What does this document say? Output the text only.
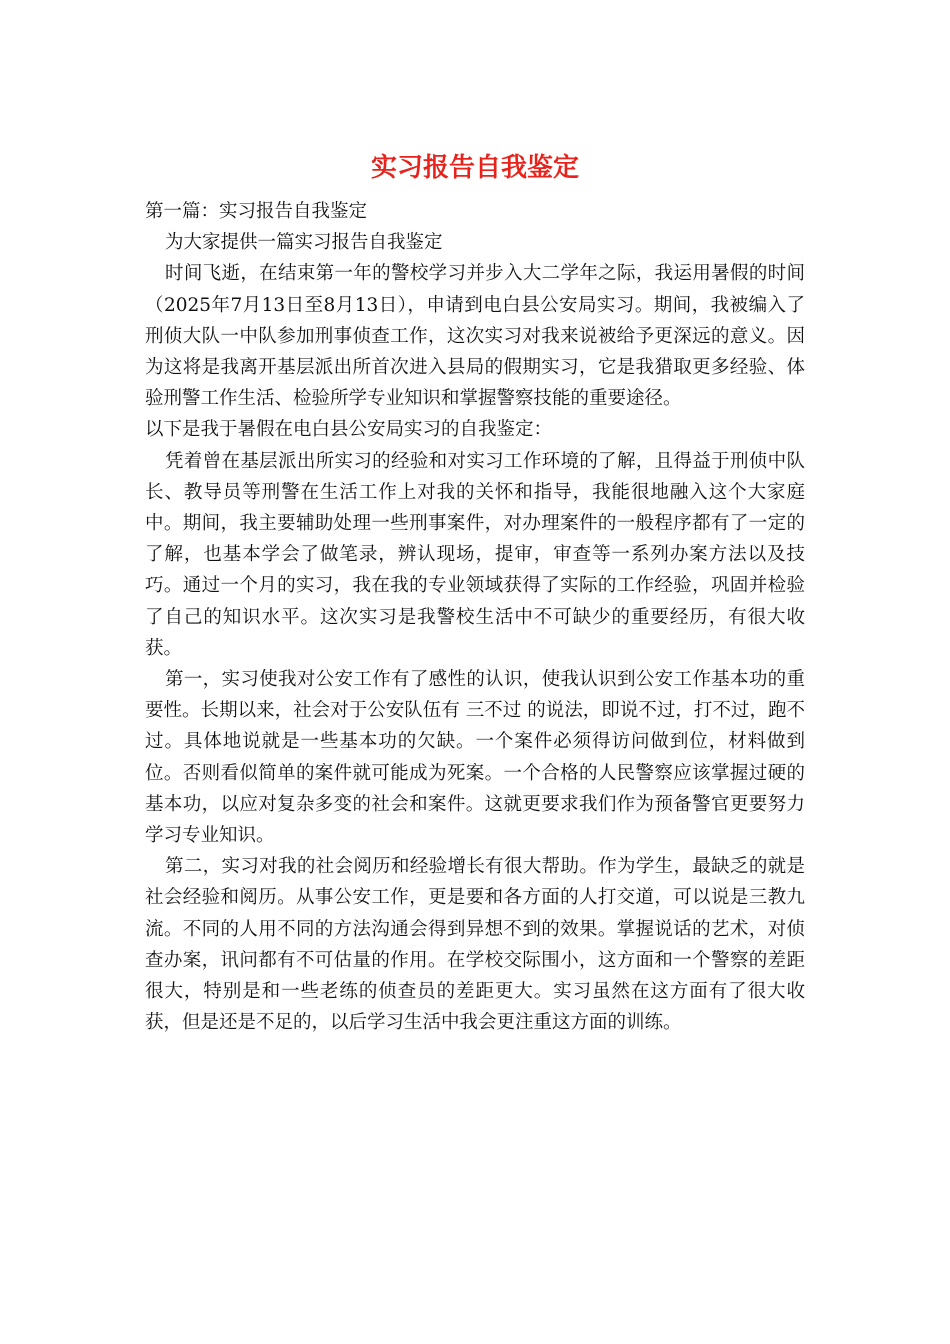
实习报告自我鉴定

第一篇：实习报告自我鉴定

为大家提供一篇实习报告自我鉴定

时间飞逝，在结束第一年的警校学习并步入大二学年之际，我运用暑假的时间（2025年7月13日至8月13日），申请到电白县公安局实习。期间，我被编入了刑侦大队一中队参加刑事侦查工作，这次实习对我来说被给予更深远的意义。因为这将是我离开基层派出所首次进入县局的假期实习，它是我猎取更多经验、体验刑警工作生活、检验所学专业知识和掌握警察技能的重要途径。

以下是我于暑假在电白县公安局实习的自我鉴定：

凭着曾在基层派出所实习的经验和对实习工作环境的了解，且得益于刑侦中队长、教导员等刑警在生活工作上对我的关怀和指导，我能很地融入这个大家庭中。期间，我主要辅助处理一些刑事案件，对办理案件的一般程序都有了一定的了解，也基本学会了做笔录，辨认现场，提审，审查等一系列办案方法以及技巧。通过一个月的实习，我在我的专业领域获得了实际的工作经验，巩固并检验了自己的知识水平。这次实习是我警校生活中不可缺少的重要经历，有很大收获。

第一，实习使我对公安工作有了感性的认识，使我认识到公安工作基本功的重要性。长期以来，社会对于公安队伍有 三不过 的说法，即说不过，打不过，跑不过。具体地说就是一些基本功的欠缺。一个案件必须得访问做到位，材料做到位。否则看似简单的案件就可能成为死案。一个合格的人民警察应该掌握过硬的基本功，以应对复杂多变的社会和案件。这就更要求我们作为预备警官更要努力学习专业知识。

第二，实习对我的社会阅历和经验增长有很大帮助。作为学生，最缺乏的就是社会经验和阅历。从事公安工作，更是要和各方面的人打交道，可以说是三教九流。不同的人用不同的方法沟通会得到异想不到的效果。掌握说话的艺术，对侦查办案，讯问都有不可估量的作用。在学校交际围小，这方面和一个警察的差距很大，特别是和一些老练的侦查员的差距更大。实习虽然在这方面有了很大收获，但是还是不足的，以后学习生活中我会更注重这方面的训练。
